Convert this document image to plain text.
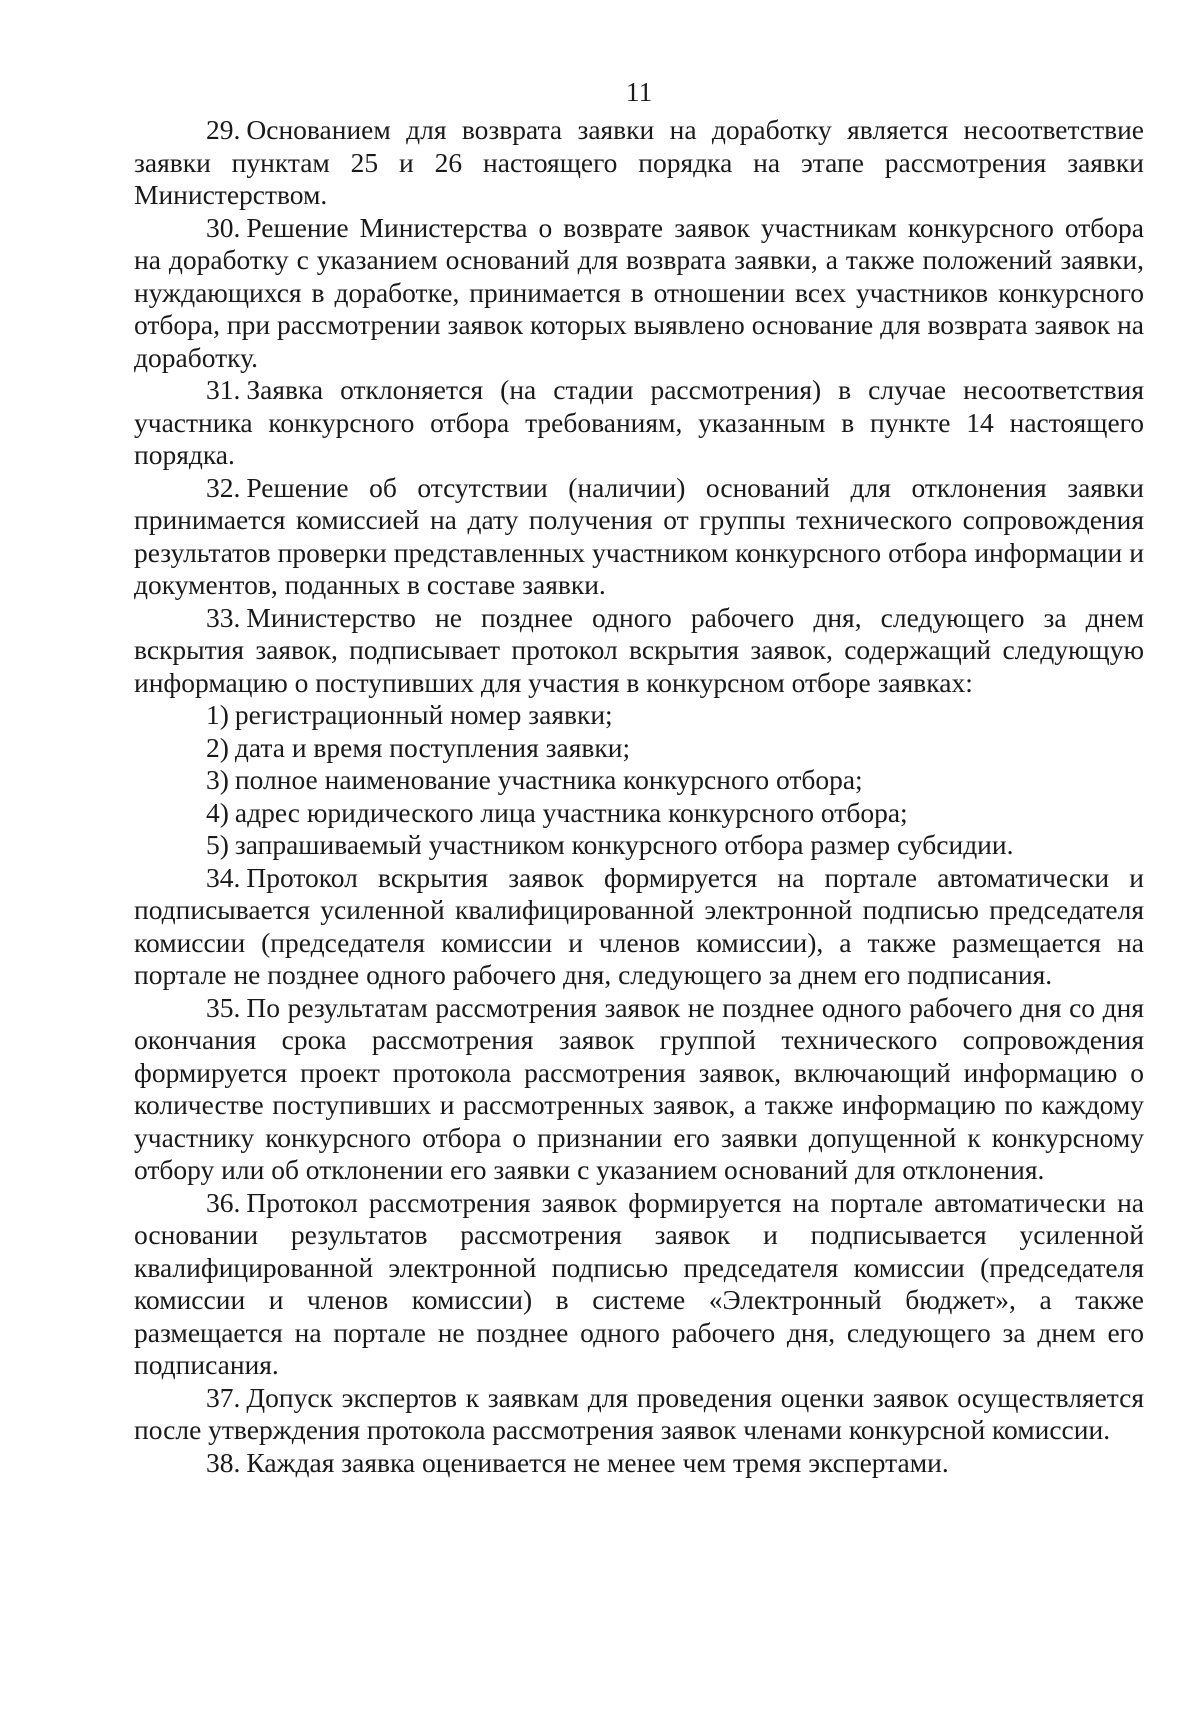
11

29. Основанием для возврата заявки на доработку является несоответствие заявки пунктам 25 и 26 настоящего порядка на этапе рассмотрения заявки Министерством.

30. Решение Министерства о возврате заявок участникам конкурсного отбора на доработку с указанием оснований для возврата заявки, а также положений заявки, нуждающихся в доработке, принимается в отношении всех участников конкурсного отбора, при рассмотрении заявок которых выявлено основание для возврата заявок на доработку.

31. Заявка отклоняется (на стадии рассмотрения) в случае несоответствия участника конкурсного отбора требованиям, указанным в пункте 14 настоящего порядка.

32. Решение об отсутствии (наличии) оснований для отклонения заявки принимается комиссией на дату получения от группы технического сопровождения результатов проверки представленных участником конкурсного отбора информации и документов, поданных в составе заявки.

33. Министерство не позднее одного рабочего дня, следующего за днем вскрытия заявок, подписывает протокол вскрытия заявок, содержащий следующую информацию о поступивших для участия в конкурсном отборе заявках:

1) регистрационный номер заявки;

2) дата и время поступления заявки;

3) полное наименование участника конкурсного отбора;

4) адрес юридического лица участника конкурсного отбора;

5) запрашиваемый участником конкурсного отбора размер субсидии.

34. Протокол вскрытия заявок формируется на портале автоматически и подписывается усиленной квалифицированной электронной подписью председателя комиссии (председателя комиссии и членов комиссии), а также размещается на портале не позднее одного рабочего дня, следующего за днем его подписания.

35. По результатам рассмотрения заявок не позднее одного рабочего дня со дня окончания срока рассмотрения заявок группой технического сопровождения формируется проект протокола рассмотрения заявок, включающий информацию о количестве поступивших и рассмотренных заявок, а также информацию по каждому участнику конкурсного отбора о признании его заявки допущенной к конкурсному отбору или об отклонении его заявки с указанием оснований для отклонения.

36. Протокол рассмотрения заявок формируется на портале автоматически на основании результатов рассмотрения заявок и подписывается усиленной квалифицированной электронной подписью председателя комиссии (председателя комиссии и членов комиссии) в системе «Электронный бюджет», а также размещается на портале не позднее одного рабочего дня, следующего за днем его подписания.

37. Допуск экспертов к заявкам для проведения оценки заявок осуществляется после утверждения протокола рассмотрения заявок членами конкурсной комиссии.

38. Каждая заявка оценивается не менее чем тремя экспертами.
